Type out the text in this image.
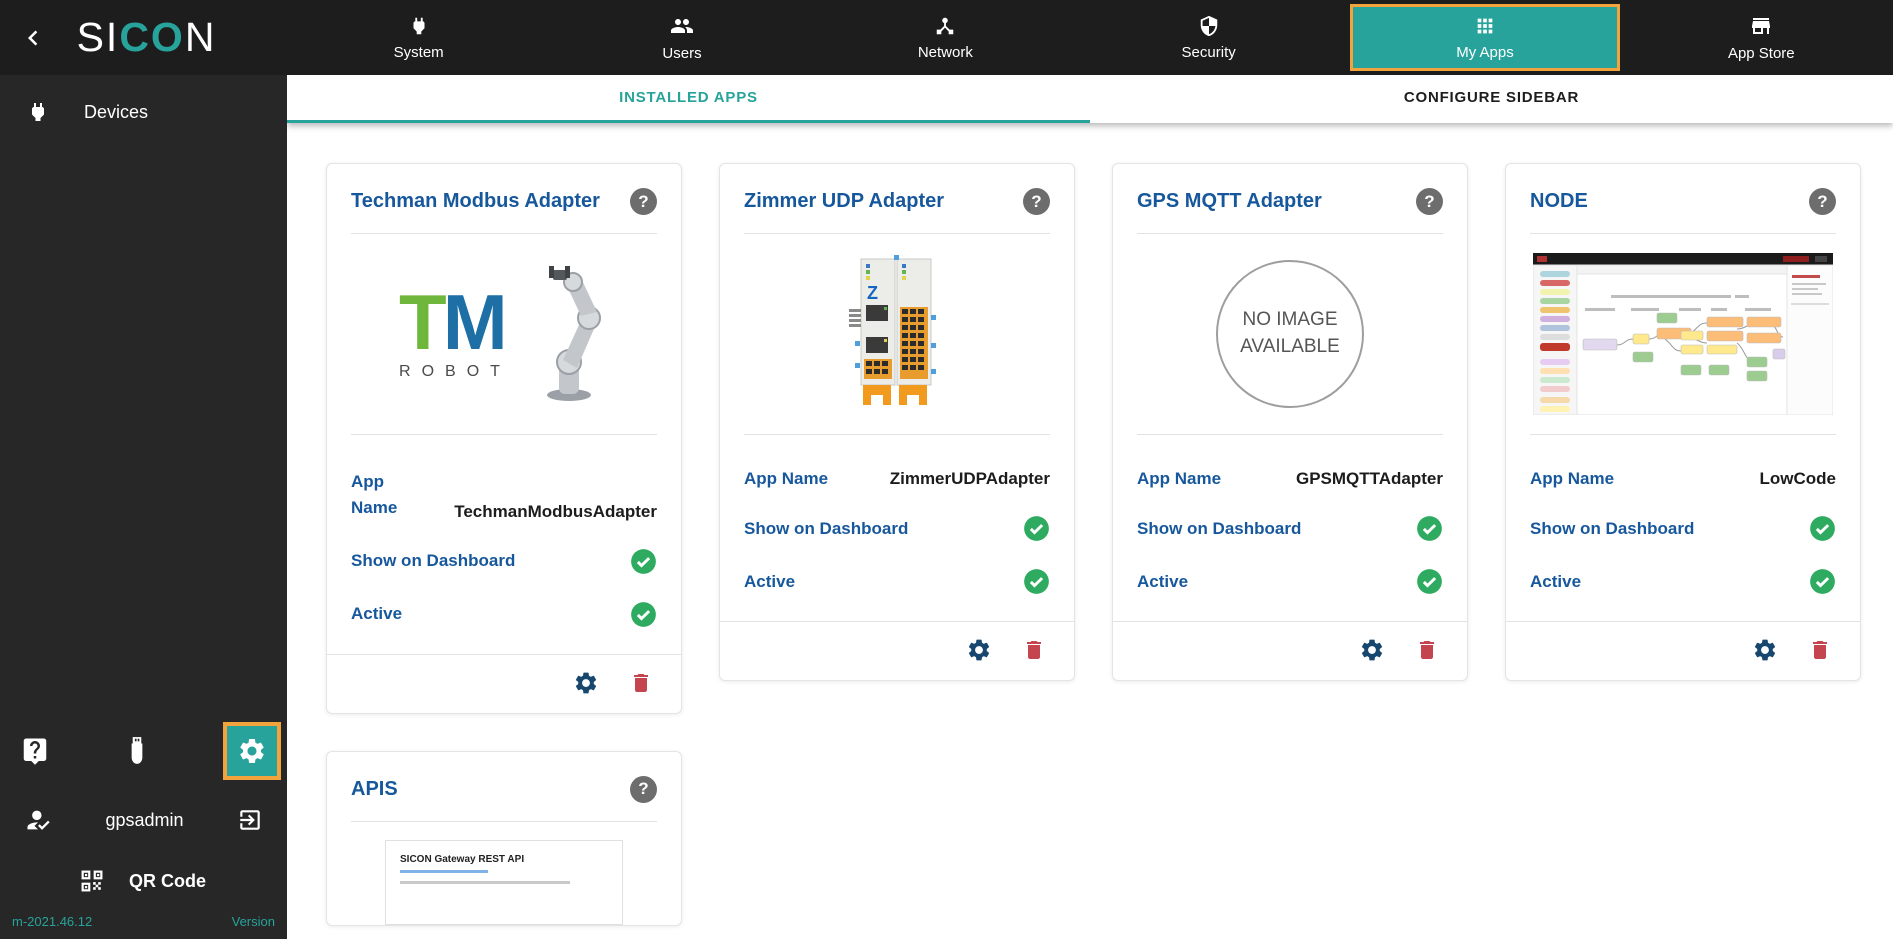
SICON
Devices
gpsadmin
QR Code
m-2021.46.12	Version
System	Users	Network	Security	My Apps	App Store
INSTALLED APPS	CONFIGURE SIDEBAR
Techman Modbus Adapter	?
TM
ROBOT
App Name	TechmanModbusAdapter
Show on Dashboard
Active
Zimmer UDP Adapter	?
Z
App Name	ZimmerUDPAdapter
Show on Dashboard
Active
GPS MQTT Adapter	?
NO IMAGE AVAILABLE
App Name	GPSMQTTAdapter
Show on Dashboard
Active
NODE	?
App Name	LowCode
Show on Dashboard
Active
APIS	?
SICON Gateway REST API
